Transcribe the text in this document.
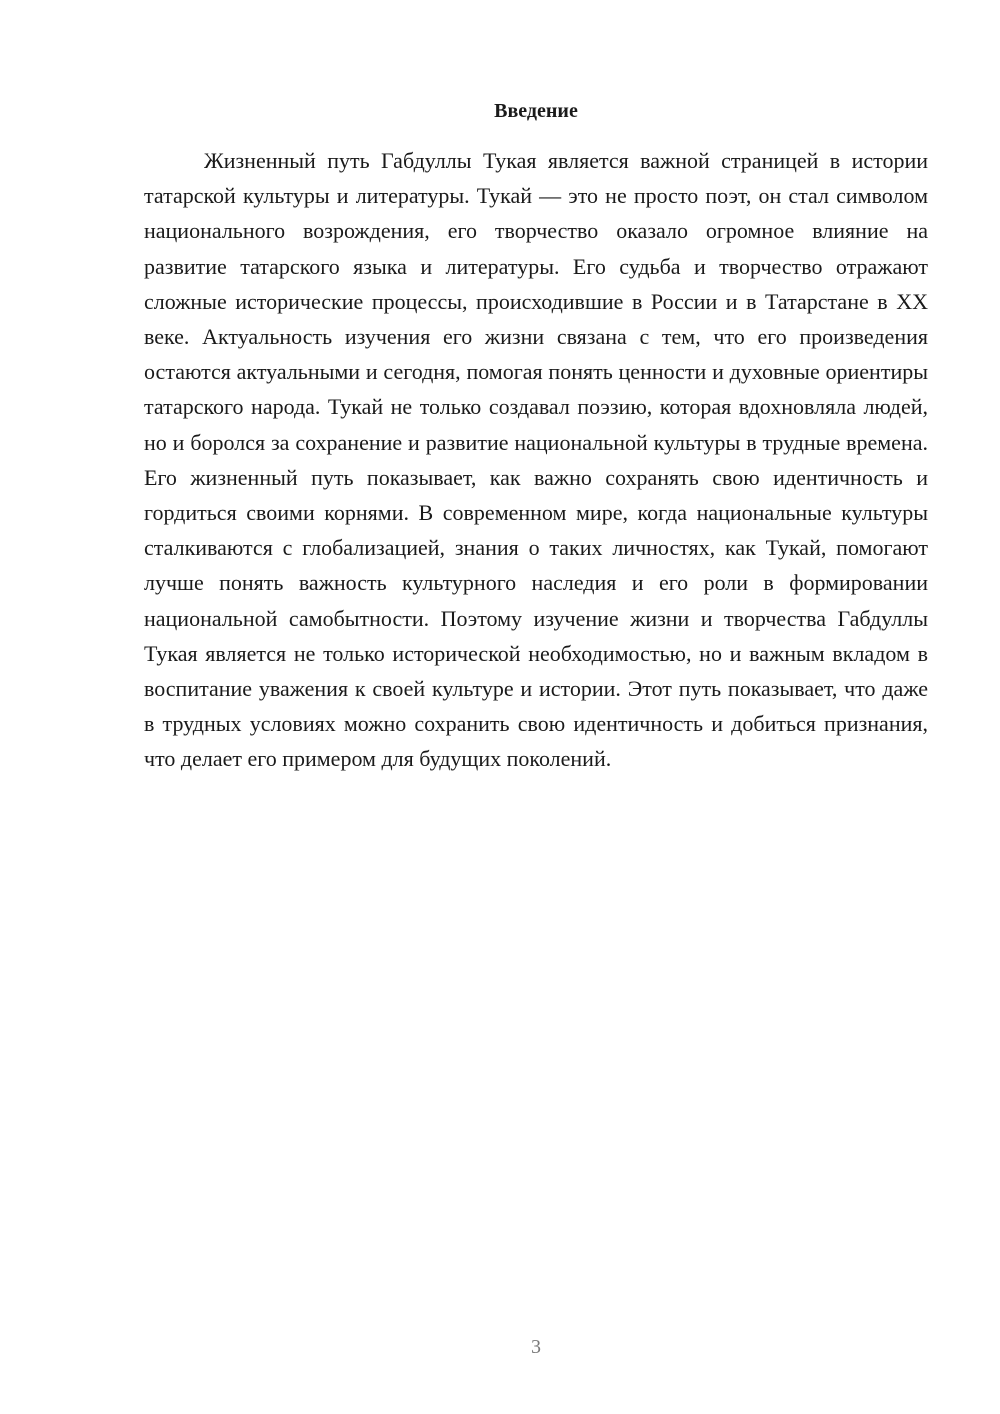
Введение

Жизненный путь Габдуллы Тукая является важной страницей в истории татарской культуры и литературы. Тукай — это не просто поэт, он стал символом национального возрождения, его творчество оказало огромное влияние на развитие татарского языка и литературы. Его судьба и творчество отражают сложные исторические процессы, происходившие в России и в Татарстане в XX веке. Актуальность изучения его жизни связана с тем, что его произведения остаются актуальными и сегодня, помогая понять ценности и духовные ориентиры татарского народа. Тукай не только создавал поэзию, которая вдохновляла людей, но и боролся за сохранение и развитие национальной культуры в трудные времена. Его жизненный путь показывает, как важно сохранять свою идентичность и гордиться своими корнями. В современном мире, когда национальные культуры сталкиваются с глобализацией, знания о таких личностях, как Тукай, помогают лучше понять важность культурного наследия и его роли в формировании национальной самобытности. Поэтому изучение жизни и творчества Габдуллы Тукая является не только исторической необходимостью, но и важным вкладом в воспитание уважения к своей культуре и истории. Этот путь показывает, что даже в трудных условиях можно сохранить свою идентичность и добиться признания, что делает его примером для будущих поколений.

3
